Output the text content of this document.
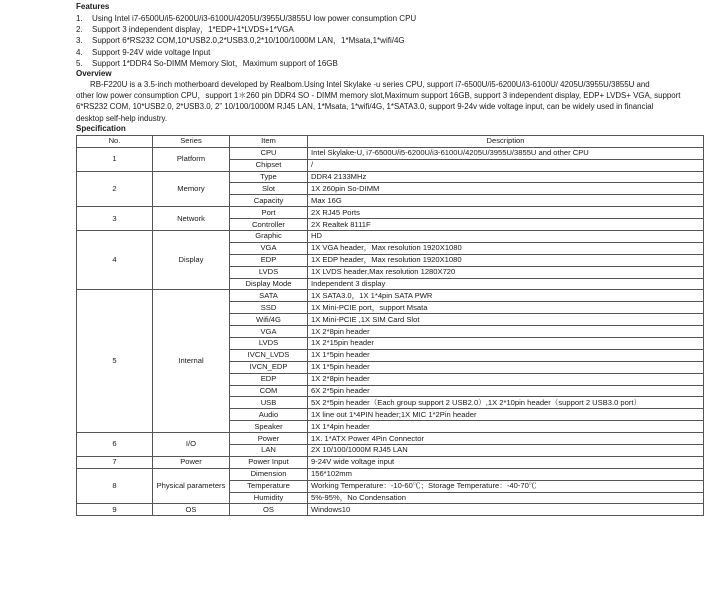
Features

1. Using Intel i7-6500U/i5-6200U/i3-6100U/4205U/3955U/3855U low power consumption CPU
2. Support 3 independent display，1*EDP+1*LVDS+1*VGA
3. Support 6*RS232 COM,10*USB2.0,2*USB3.0,2*10/100/1000M LAN，1*Msata,1*wifi/4G
4. Support 9-24V wide voltage Input
5. Support 1*DDR4 So-DIMM Memory Slot，Maximum support of 16GB

Overview

RB-F220U is a 3.5-inch motherboard developed by Realbom.Using Intel Skylake -u series CPU, support i7-6500U/i5-6200U/i3-6100U/ 4205U/3955U/3855U and
other low power consumption CPU，support 1＊260 pin DDR4 SO - DIMM memory slot,Maximum support 16GB, support 3 independent display, EDP+ LVDS+ VGA, support
6*RS232 COM, 10*USB2.0, 2*USB3.0, 2” 10/100/1000M RJ45 LAN, 1*Msata, 1*wifi/4G, 1*SATA3.0, support 9-24v wide voltage input, can be widely used in financial
desktop self-help industry.

Specification

No.	Series	Item	Description
1	Platform	CPU	Intel Skylake-U, i7-6500U/i5-6200U/i3-6100U/4205U/3955U/3855U and other CPU
		Chipset	/
2	Memory	Type	DDR4 2133MHz
		Slot	1X 260pin So-DIMM
		Capacity	Max 16G
3	Network	Port	2X RJ45 Ports
		Controller	2X Realtek 8111F
4	Display	Graphic	HD
		VGA	1X VGA header，Max resolution 1920X1080
		EDP	1X EDP header，Max resolution 1920X1080
		LVDS	1X LVDS header,Max resolution 1280X720
		Display Mode	Independent 3 display
5	Internal	SATA	1X SATA3.0，1X 1*4pin SATA PWR
		SSD	1X Mini-PCIE port，support Msata
		Wifi/4G	1X Mini-PCIE ,1X SIM Card Slot
		VGA	1X 2*8pin header
		LVDS	1X 2*15pin header
		IVCN_LVDS	1X 1*5pin header
		IVCN_EDP	1X 1*5pin header
		EDP	1X 2*8pin header
		COM	6X 2*5pin header
		USB	5X 2*5pin header（Each group support 2 USB2.0）,1X 2*10pin header（support 2 USB3.0 port）
		Audio	1X line out 1*4PIN header;1X MIC 1*2Pin header
		Speaker	1X 1*4pin header
6	I/O	Power	1X. 1*ATX Power 4Pin Connector
		LAN	2X 10/100/1000M RJ45 LAN
7	Power	Power Input	9-24V wide voltage input
8	Physical parameters	Dimension	156*102mm
		Temperature	Working Temperature：-10-60℃；Storage Temperature：-40-70℃
		Humidity	5%-95%，No Condensation
9	OS	OS	Windows10
